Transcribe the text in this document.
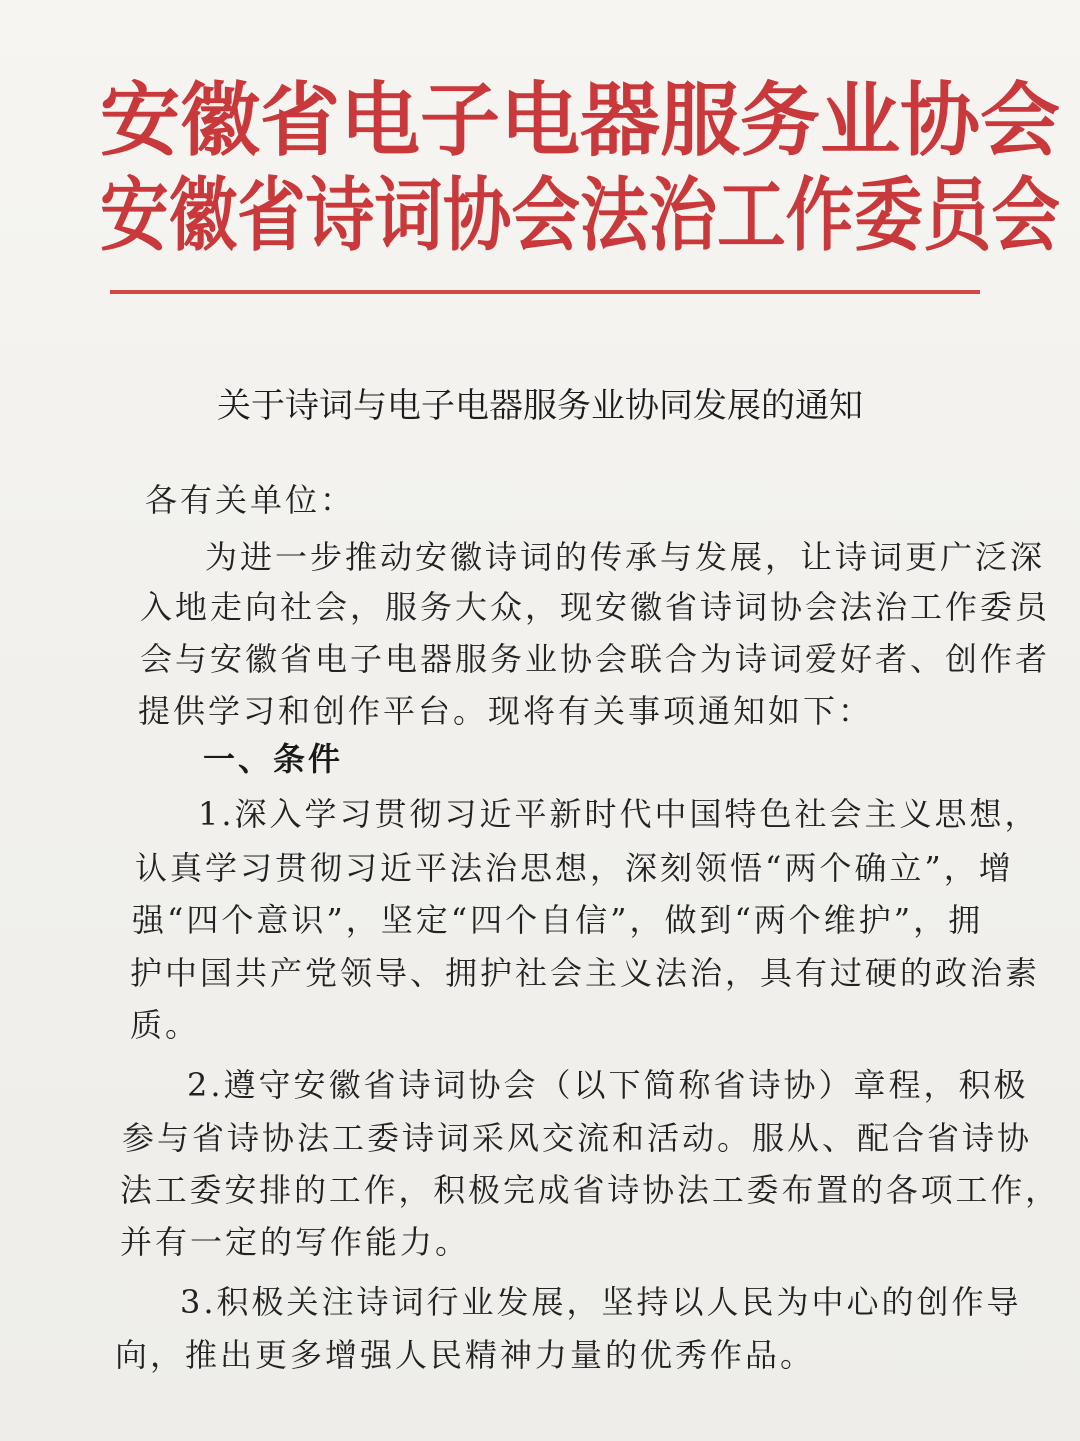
安徽省电子电器服务业协会
安徽省诗词协会法治工作委员会
关于诗词与电子电器服务业协同发展的通知
各有关单位：
为进一步推动安徽诗词的传承与发展，让诗词更广泛深
入地走向社会，服务大众，现安徽省诗词协会法治工作委员
会与安徽省电子电器服务业协会联合为诗词爱好者、创作者
提供学习和创作平台。现将有关事项通知如下：
一、条件
1.深入学习贯彻习近平新时代中国特色社会主义思想，
认真学习贯彻习近平法治思想，深刻领悟“两个确立”，增
强“四个意识”，坚定“四个自信”，做到“两个维护”，拥
护中国共产党领导、拥护社会主义法治，具有过硬的政治素
质。
2.遵守安徽省诗词协会（以下简称省诗协）章程，积极
参与省诗协法工委诗词采风交流和活动。服从、配合省诗协
法工委安排的工作，积极完成省诗协法工委布置的各项工作，
并有一定的写作能力。
3.积极关注诗词行业发展，坚持以人民为中心的创作导
向，推出更多增强人民精神力量的优秀作品。
